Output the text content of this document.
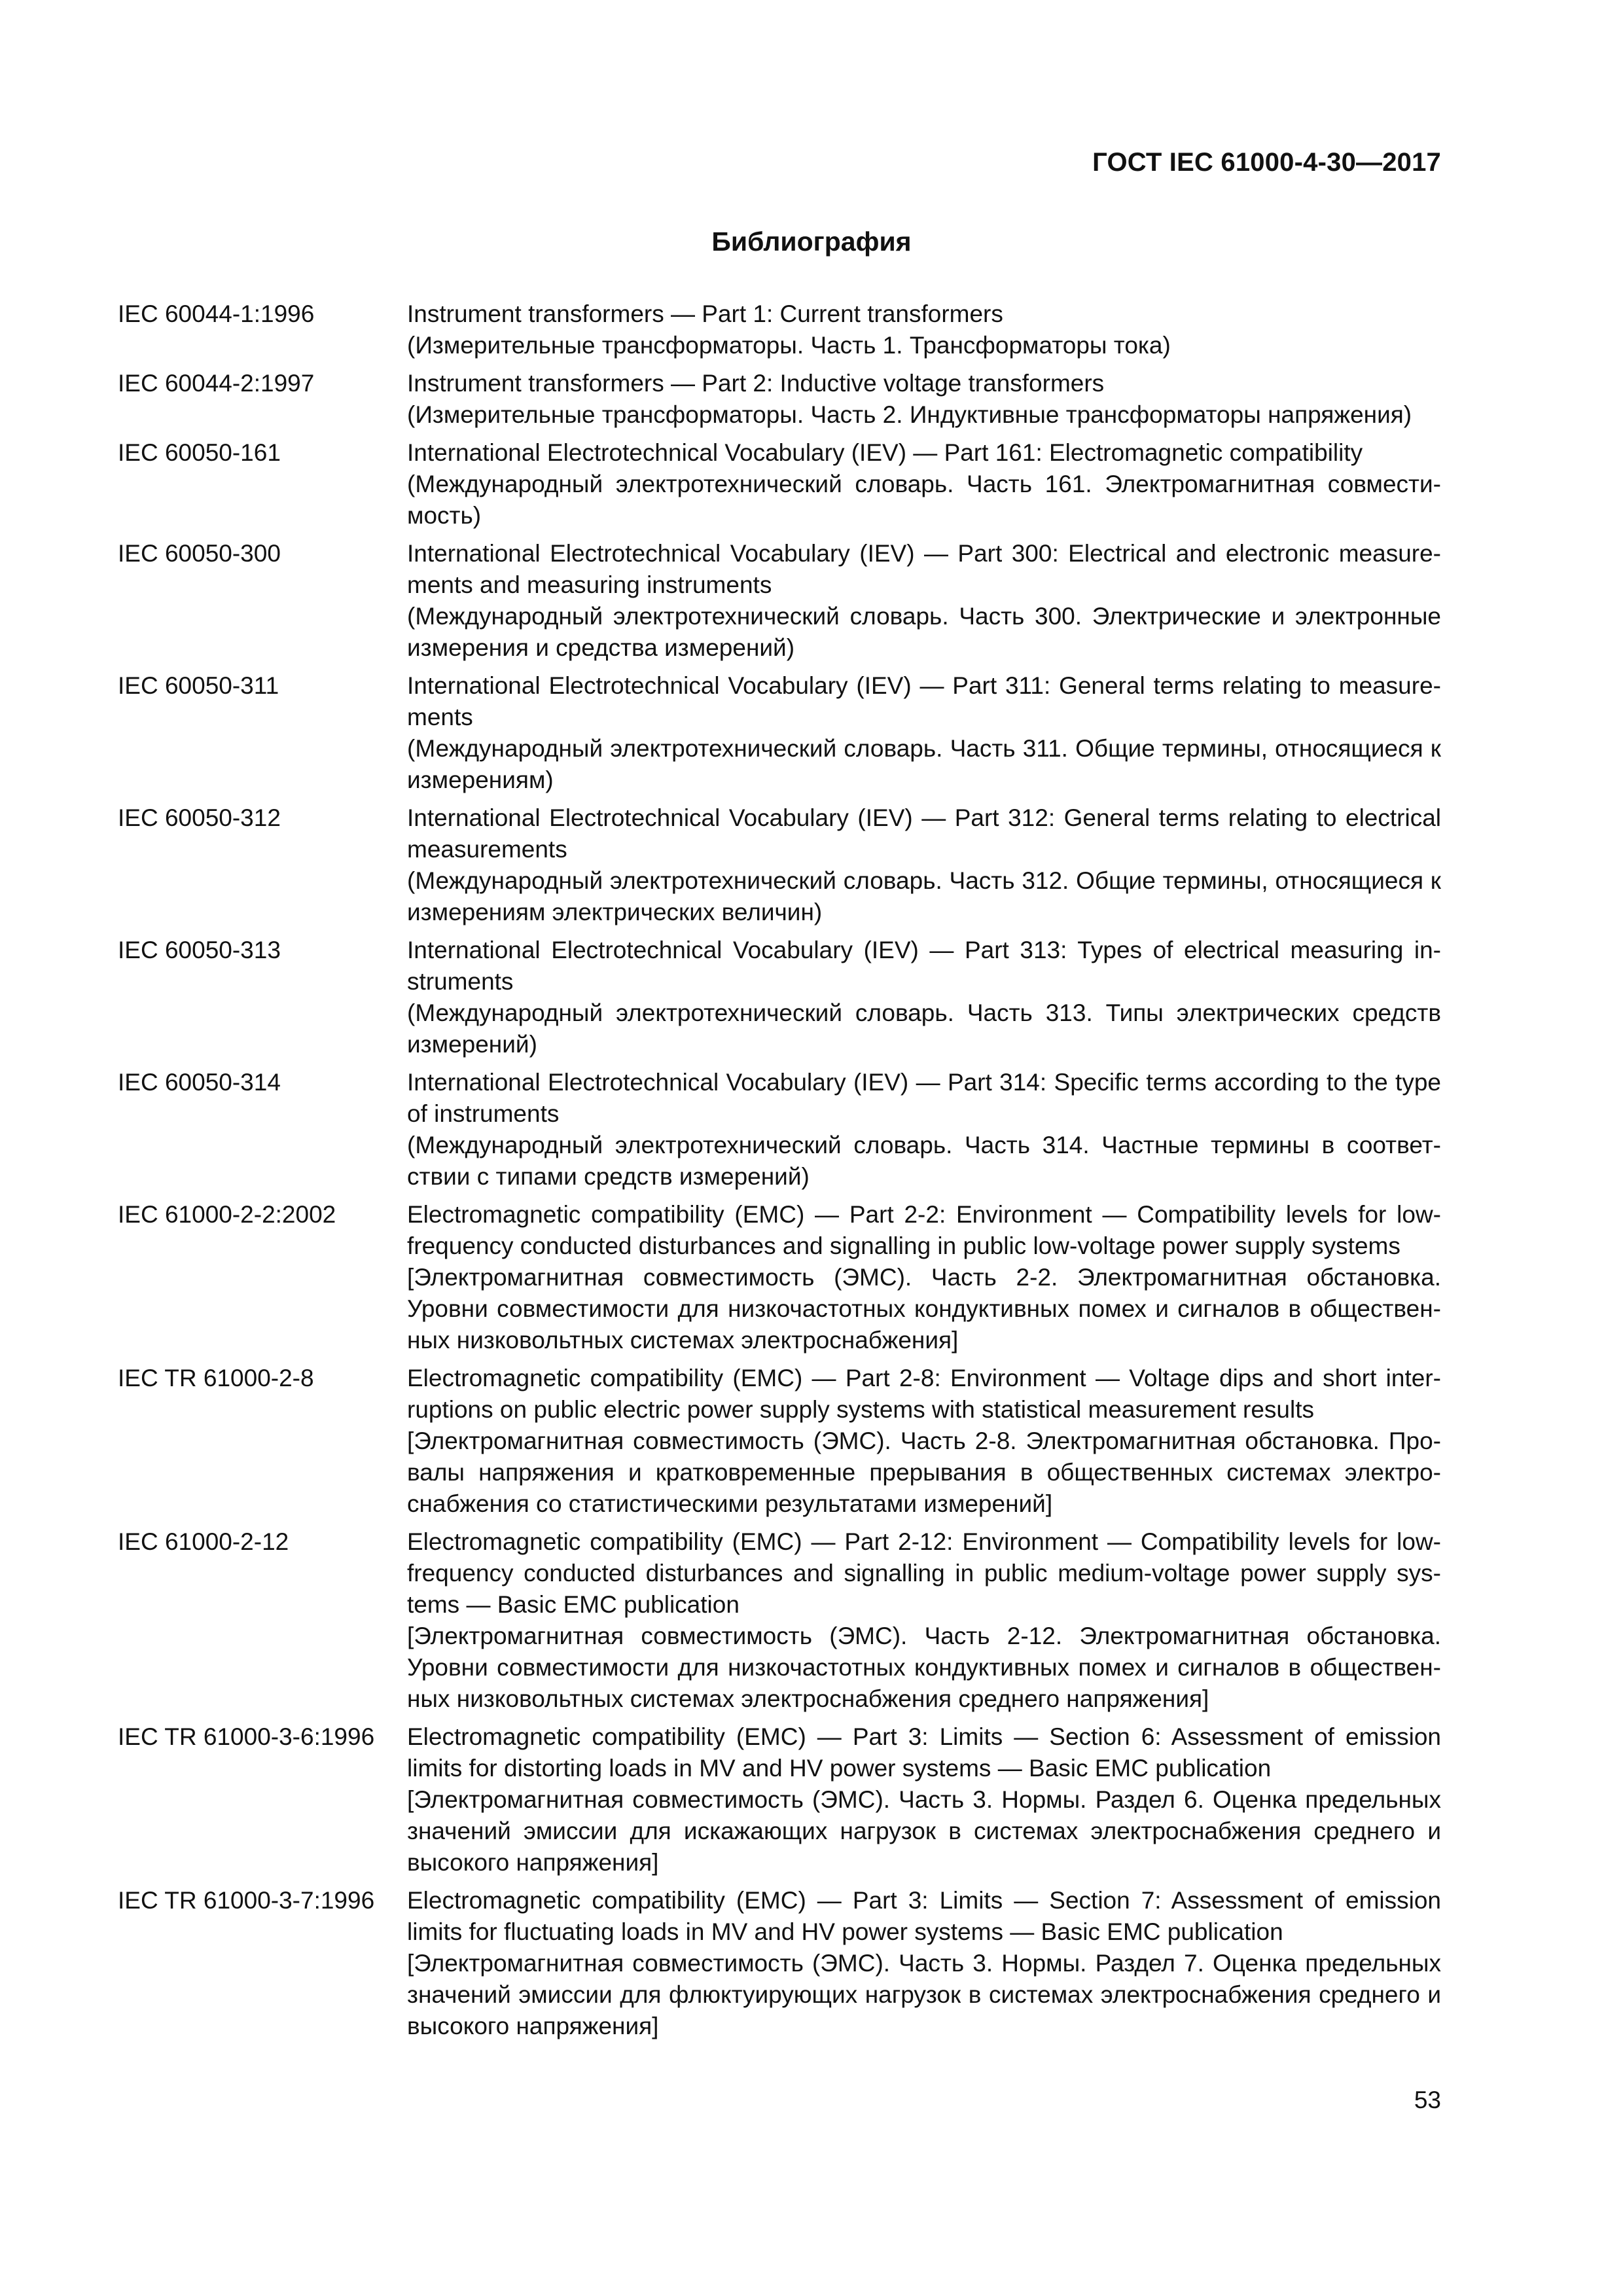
ГОСТ IEC 61000-4-30—2017
Библиография
IEC 60044-1:1996	Instrument transformers — Part 1: Current transformers
(Измерительные трансформаторы. Часть 1. Трансформаторы тока)
IEC 60044-2:1997	Instrument transformers — Part 2: Inductive voltage transformers
(Измерительные трансформаторы. Часть 2. Индуктивные трансформаторы напряжения)
IEC 60050-161	International Electrotechnical Vocabulary (IEV) — Part 161: Electromagnetic compatibility
(Международный электротехнический словарь. Часть 161. Электромагнитная совместимость)
IEC 60050-300	International Electrotechnical Vocabulary (IEV) — Part 300: Electrical and electronic measurements and measuring instruments
(Международный электротехнический словарь. Часть 300. Электрические и электронные измерения и средства измерений)
IEC 60050-311	International Electrotechnical Vocabulary (IEV) — Part 311: General terms relating to measurements
(Международный электротехнический словарь. Часть 311. Общие термины, относящиеся к измерениям)
IEC 60050-312	International Electrotechnical Vocabulary (IEV) — Part 312: General terms relating to electrical measurements
(Международный электротехнический словарь. Часть 312. Общие термины, относящиеся к измерениям электрических величин)
IEC 60050-313	International Electrotechnical Vocabulary (IEV) — Part 313: Types of electrical measuring instruments
(Международный электротехнический словарь. Часть 313. Типы электрических средств измерений)
IEC 60050-314	International Electrotechnical Vocabulary (IEV) — Part 314: Specific terms according to the type of instruments
(Международный электротехнический словарь. Часть 314. Частные термины в соответствии с типами средств измерений)
IEC 61000-2-2:2002	Electromagnetic compatibility (EMC) — Part 2-2: Environment — Compatibility levels for low-frequency conducted disturbances and signalling in public low-voltage power supply systems
[Электромагнитная совместимость (ЭМС). Часть 2-2. Электромагнитная обстановка. Уровни совместимости для низкочастотных кондуктивных помех и сигналов в общественных низковольтных системах электроснабжения]
IEC TR 61000-2-8	Electromagnetic compatibility (EMC) — Part 2-8: Environment — Voltage dips and short interruptions on public electric power supply systems with statistical measurement results
[Электромагнитная совместимость (ЭМС). Часть 2-8. Электромагнитная обстановка. Провалы напряжения и кратковременные прерывания в общественных системах электроснабжения со статистическими результатами измерений]
IEC 61000-2-12	Electromagnetic compatibility (EMC) — Part 2-12: Environment — Compatibility levels for low-frequency conducted disturbances and signalling in public medium-voltage power supply systems — Basic EMC publication
[Электромагнитная совместимость (ЭМС). Часть 2-12. Электромагнитная обстановка. Уровни совместимости для низкочастотных кондуктивных помех и сигналов в общественных низковольтных системах электроснабжения среднего напряжения]
IEC TR 61000-3-6:1996	Electromagnetic compatibility (EMC) — Part 3: Limits — Section 6: Assessment of emission limits for distorting loads in MV and HV power systems — Basic EMC publication
[Электромагнитная совместимость (ЭМС). Часть 3. Нормы. Раздел 6. Оценка предельных значений эмиссии для искажающих нагрузок в системах электроснабжения среднего и высокого напряжения]
IEC TR 61000-3-7:1996	Electromagnetic compatibility (EMC) — Part 3: Limits — Section 7: Assessment of emission limits for fluctuating loads in MV and HV power systems — Basic EMC publication
[Электромагнитная совместимость (ЭМС). Часть 3. Нормы. Раздел 7. Оценка предельных значений эмиссии для флюктуирующих нагрузок в системах электроснабжения среднего и высокого напряжения]
53
